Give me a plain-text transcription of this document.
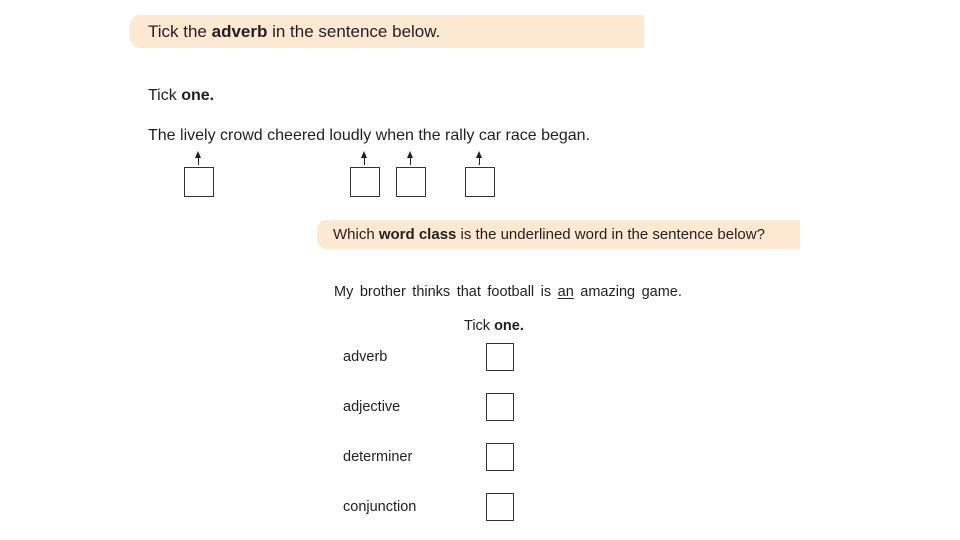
Tick the adverb in the sentence below.
Tick one.
The lively crowd cheered loudly when the rally car race began.
Which word class is the underlined word in the sentence below?
My brother thinks that football is an amazing game.
Tick one.
adverb
adjective
determiner
conjunction
